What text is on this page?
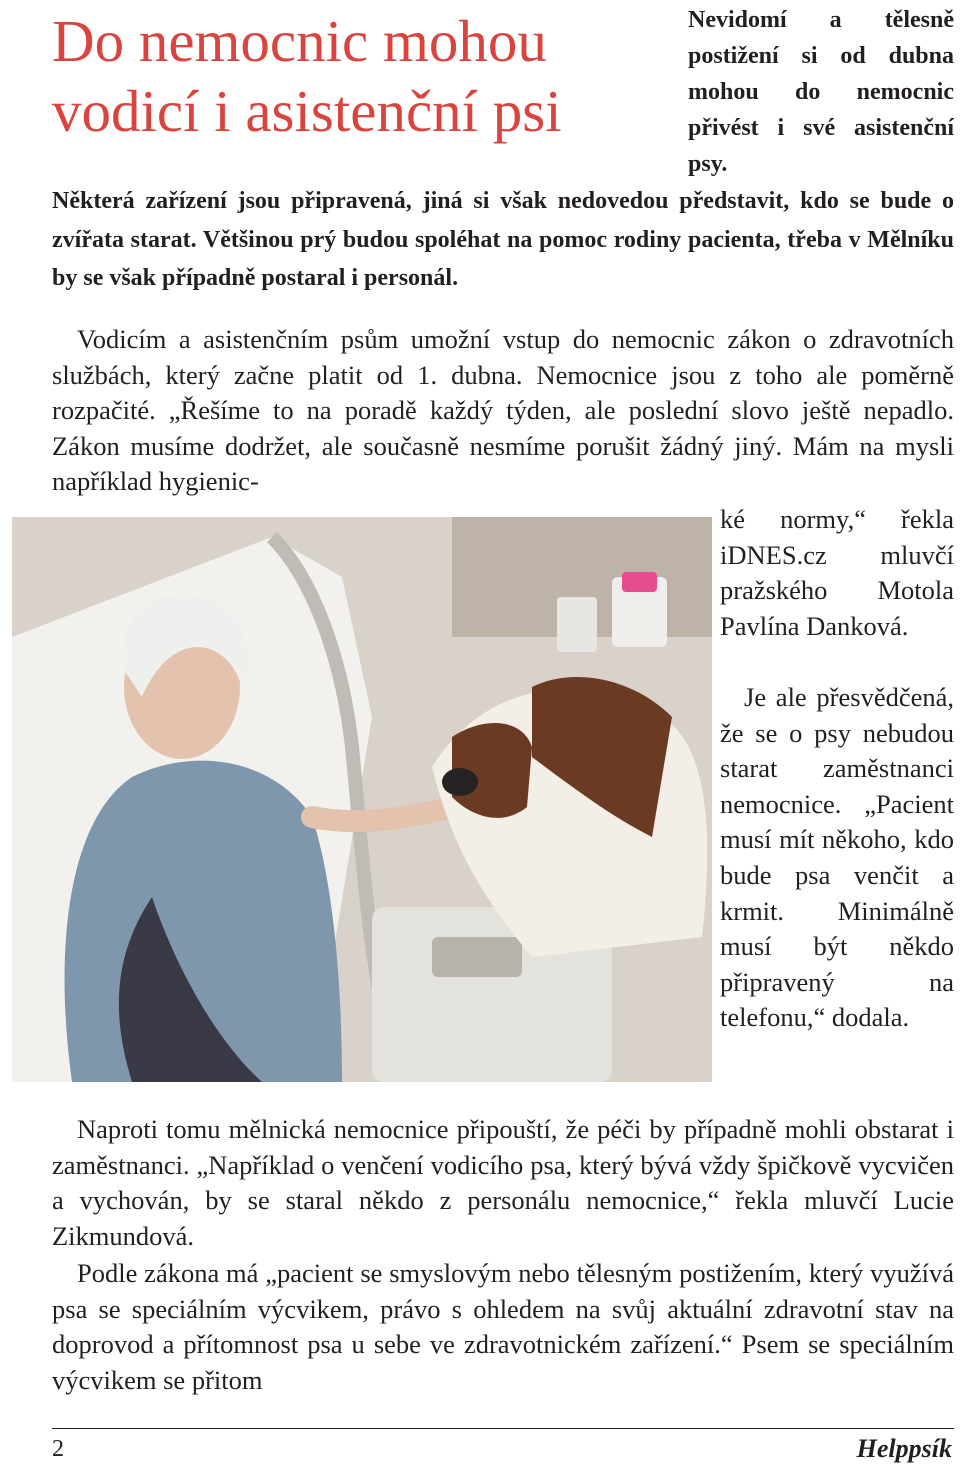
Do nemocnic mohou vodicí i asistenční psi

Nevidomí a tělesně postižení si od dubna mohou do nemocnic přivést i své asistenční psy.

Některá zařízení jsou připravená, jiná si však nedovedou představit, kdo se bude o zvířata starat. Většinou prý budou spoléhat na pomoc rodiny pacienta, třeba v Mělníku by se však případně postaral i personál.

Vodicím a asistenčním psům umožní vstup do nemocnic zákon o zdravotních službách, který začne platit od 1. dubna. Nemocnice jsou z toho ale poměrně rozpačité. „Řešíme to na poradě každý týden, ale poslední slovo ještě nepadlo. Zákon musíme dodržet, ale současně nesmíme porušit žádný jiný. Mám na mysli například hygienic-

ké normy,“ řekla iDNES.cz mluvčí pražského Motola Pavlína Danková.

Je ale přesvědčená, že se o psy nebudou starat zaměstnanci nemocnice. „Pacient musí mít někoho, kdo bude psa venčit a krmit. Minimálně musí být někdo připravený na telefonu,“ dodala.

Naproti tomu mělnická nemocnice připouští, že péči by případně mohli obstarat i zaměstnanci. „Například o venčení vodicího psa, který bývá vždy špičkově vycvičen a vychován, by se staral někdo z personálu nemocnice,“ řekla mluvčí Lucie Zikmundová.

Podle zákona má „pacient se smyslovým nebo tělesným postižením, který využívá psa se speciálním výcvikem, právo s ohledem na svůj aktuální zdravotní stav na doprovod a přítomnost psa u sebe ve zdravotnickém zařízení.“ Psem se speciálním výcvikem se přitom

2	Helppsík
